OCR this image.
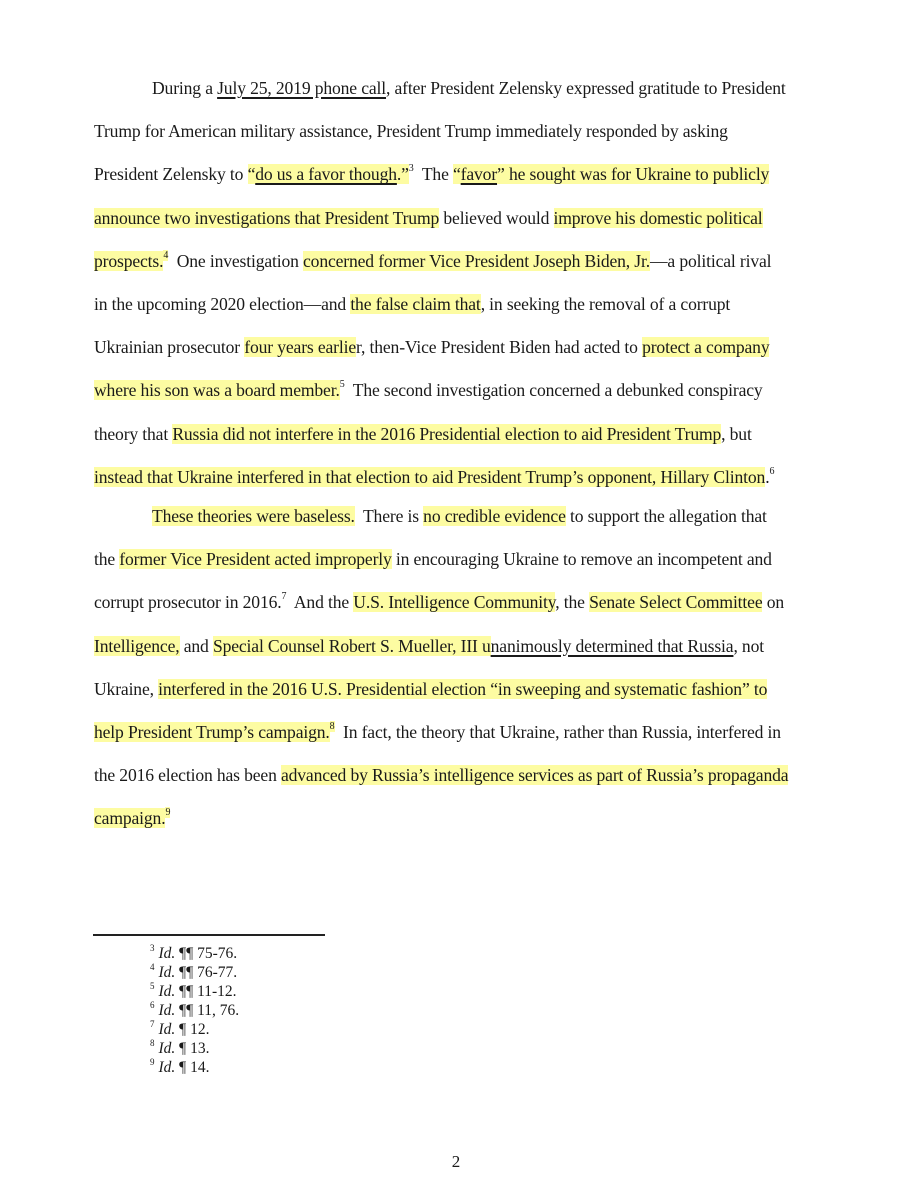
During a July 25, 2019 phone call, after President Zelensky expressed gratitude to President
Trump for American military assistance, President Trump immediately responded by asking
President Zelensky to “do us a favor though.”$^3$  The “favor” he sought was for Ukraine to publicly
announce two investigations that President Trump believed would improve his domestic political
prospects.$^4$  One investigation concerned former Vice President Joseph Biden, Jr.—a political rival
in the upcoming 2020 election—and the false claim that, in seeking the removal of a corrupt
Ukrainian prosecutor four years earlier, then-Vice President Biden had acted to protect a company
where his son was a board member.$^5$  The second investigation concerned a debunked conspiracy
theory that Russia did not interfere in the 2016 Presidential election to aid President Trump, but
instead that Ukraine interfered in that election to aid President Trump’s opponent, Hillary Clinton.$^6$
These theories were baseless.  There is no credible evidence to support the allegation that
the former Vice President acted improperly in encouraging Ukraine to remove an incompetent and
corrupt prosecutor in 2016.$^7$  And the U.S. Intelligence Community, the Senate Select Committee on
Intelligence, and Special Counsel Robert S. Mueller, III unanimously determined that Russia, not
Ukraine, interfered in the 2016 U.S. Presidential election “in sweeping and systematic fashion” to
help President Trump’s campaign.$^8$  In fact, the theory that Ukraine, rather than Russia, interfered in
the 2016 election has been advanced by Russia’s intelligence services as part of Russia’s propaganda
campaign.$^9$
$^3$ Id. ¶¶ 75-76.
$^4$ Id. ¶¶ 76-77.
$^5$ Id. ¶¶ 11-12.
$^6$ Id. ¶¶ 11, 76.
$^7$ Id. ¶ 12.
$^8$ Id. ¶ 13.
$^9$ Id. ¶ 14.
2
